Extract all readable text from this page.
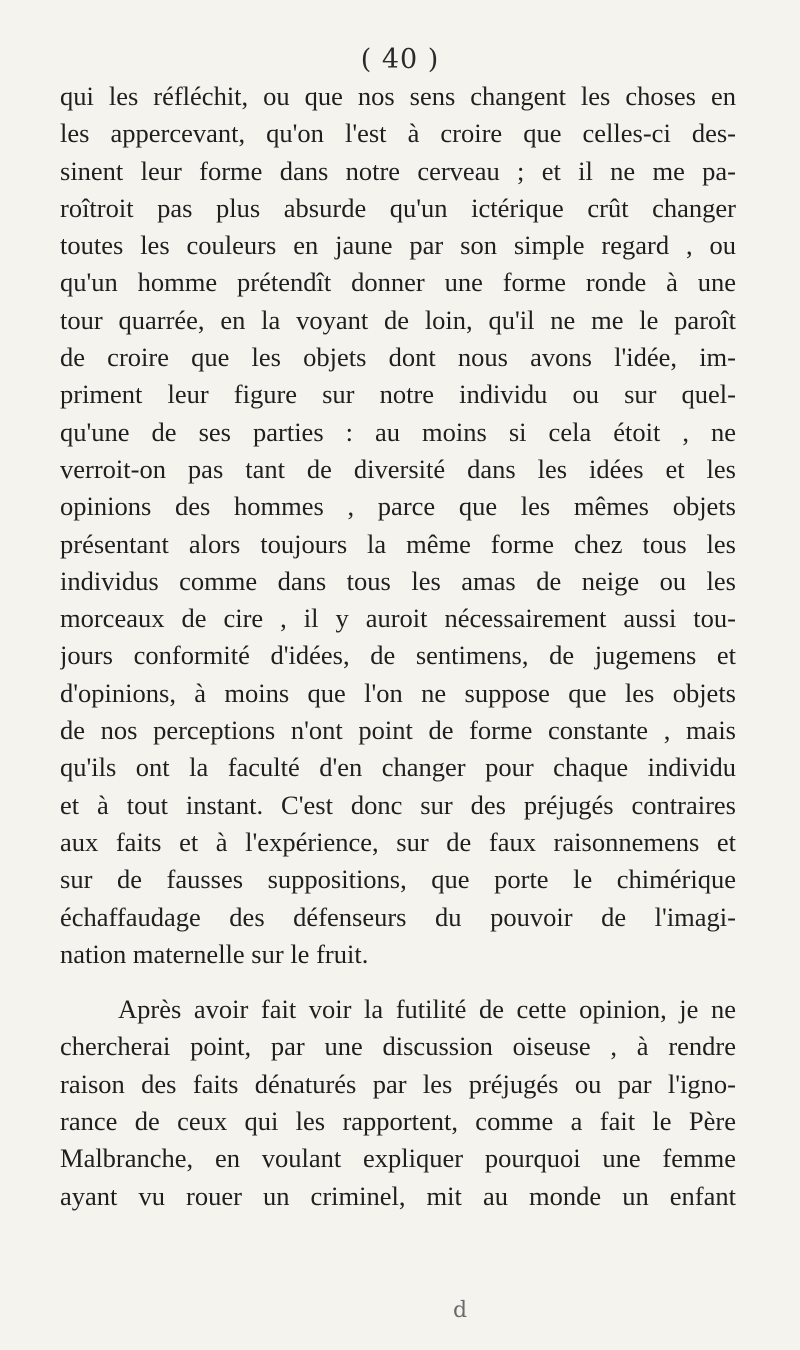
( 40 )
qui les réfléchit, ou que nos sens changent les choses en
les appercevant, qu'on l'est à croire que celles-ci des-
sinent leur forme dans notre cerveau ; et il ne me pa-
roîtroit pas plus absurde qu'un ictérique crût changer
toutes les couleurs en jaune par son simple regard , ou
qu'un homme prétendît donner une forme ronde à une
tour quarrée, en la voyant de loin, qu'il ne me le paroît
de croire que les objets dont nous avons l'idée, im-
priment leur figure sur notre individu ou sur quel-
qu'une de ses parties : au moins si cela étoit , ne
verroit-on pas tant de diversité dans les idées et les
opinions des hommes , parce que les mêmes objets
présentant alors toujours la même forme chez tous les
individus comme dans tous les amas de neige ou les
morceaux de cire , il y auroit nécessairement aussi tou-
jours conformité d'idées, de sentimens, de jugemens et
d'opinions, à moins que l'on ne suppose que les objets
de nos perceptions n'ont point de forme constante , mais
qu'ils ont la faculté d'en changer pour chaque individu
et à tout instant. C'est donc sur des préjugés contraires
aux faits et à l'expérience, sur de faux raisonnemens et
sur de fausses suppositions, que porte le chimérique
échaffaudage des défenseurs du pouvoir de l'imagi-
nation maternelle sur le fruit.
Après avoir fait voir la futilité de cette opinion, je ne
chercherai point, par une discussion oiseuse , à rendre
raison des faits dénaturés par les préjugés ou par l'igno-
rance de ceux qui les rapportent, comme a fait le Père
Malbranche, en voulant expliquer pourquoi une femme
ayant vu rouer un criminel, mit au monde un enfant
d
